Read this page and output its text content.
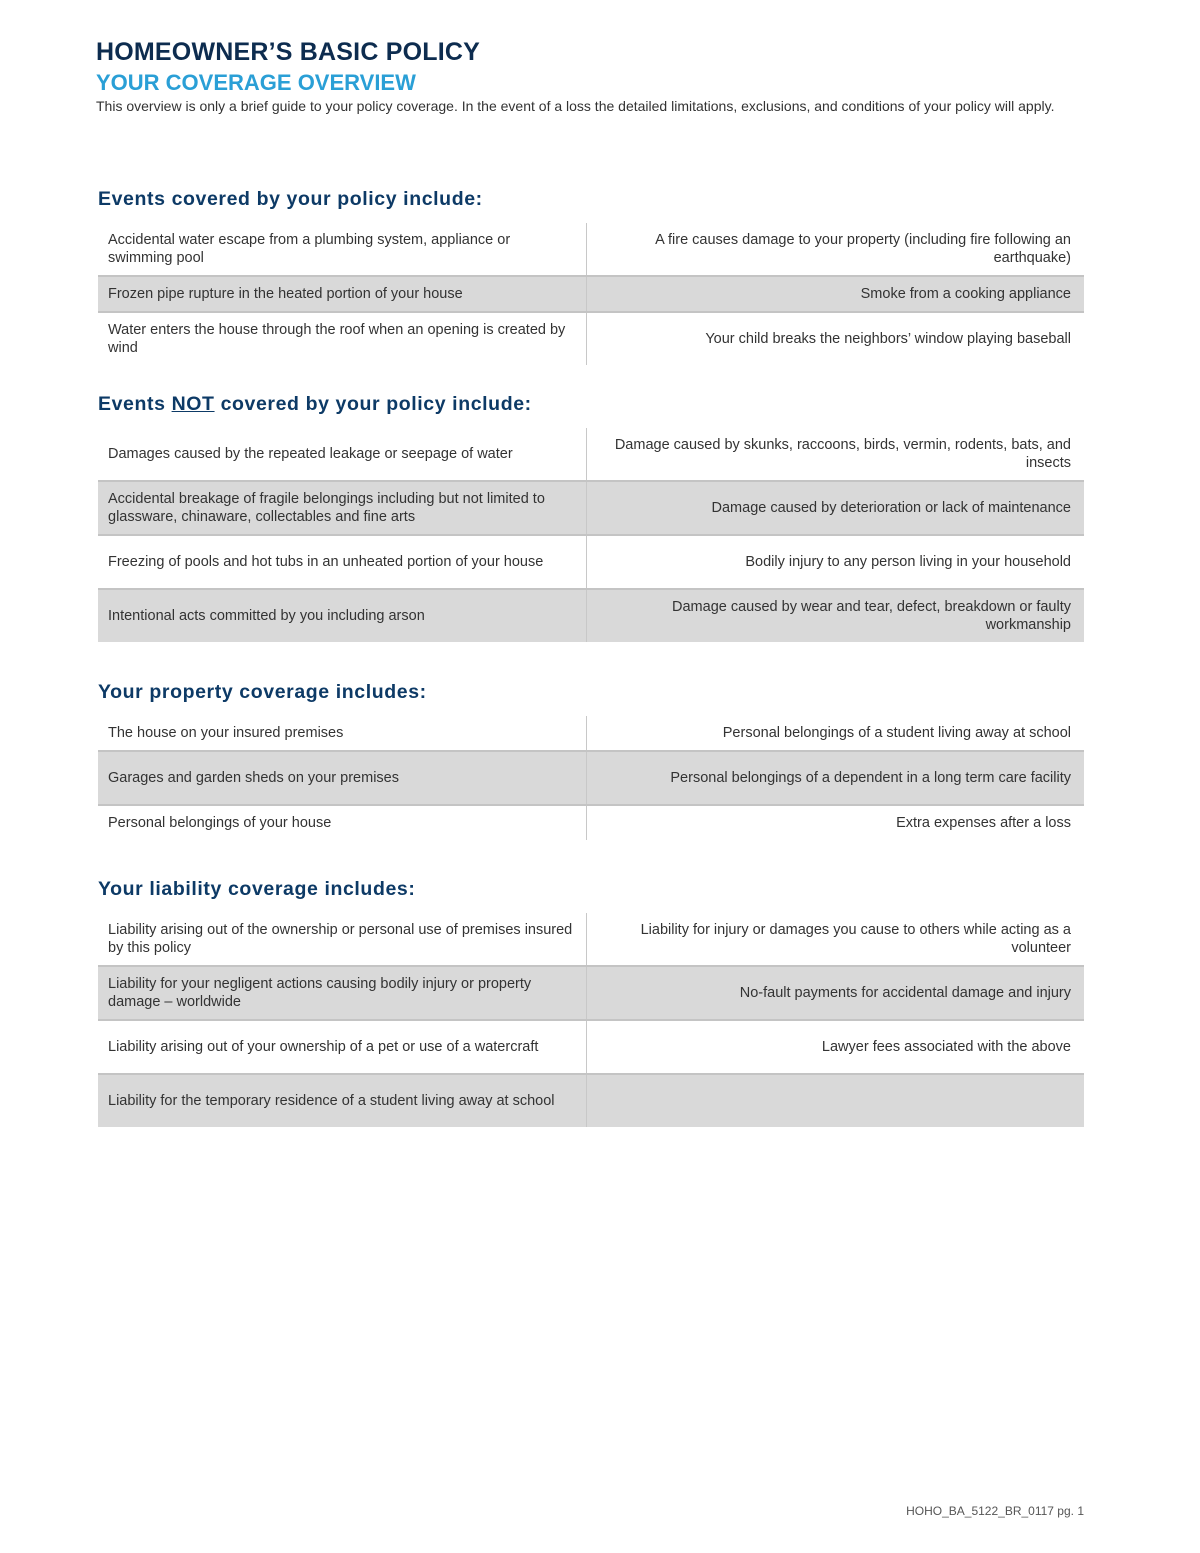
HOMEOWNER’S BASIC POLICY
YOUR COVERAGE OVERVIEW

This overview is only a brief guide to your policy coverage. In the event of a loss the detailed limitations, exclusions, and conditions of your policy will apply.

Events covered by your policy include:
Accidental water escape from a plumbing system, appliance or swimming pool	A fire causes damage to your property (including fire following an earthquake)
Frozen pipe rupture in the heated portion of your house	Smoke from a cooking appliance
Water enters the house through the roof when an opening is created by wind	Your child breaks the neighbors’ window playing baseball
Events NOT covered by your policy include:
Damages caused by the repeated leakage or seepage of water	Damage caused by skunks, raccoons, birds, vermin, rodents, bats, and insects
Accidental breakage of fragile belongings including but not limited to glassware, chinaware, collectables and fine arts	Damage caused by deterioration or lack of maintenance
Freezing of pools and hot tubs in an unheated portion of your house	Bodily injury to any person living in your household
Intentional acts committed by you including arson	Damage caused by wear and tear, defect, breakdown or faulty workmanship
Your property coverage includes:
The house on your insured premises	Personal belongings of a student living away at school
Garages and garden sheds on your premises	Personal belongings of a dependent in a long term care facility
Personal belongings of your house	Extra expenses after a loss
Your liability coverage includes:
Liability arising out of the ownership or personal use of premises insured by this policy	Liability for injury or damages you cause to others while acting as a volunteer
Liability for your negligent actions causing bodily injury or property damage – worldwide	No-fault payments for accidental damage and injury
Liability arising out of your ownership of a pet or use of a watercraft	Lawyer fees associated with the above
Liability for the temporary residence of a student living away at school	

HOHO_BA_5122_BR_0117 pg. 1
